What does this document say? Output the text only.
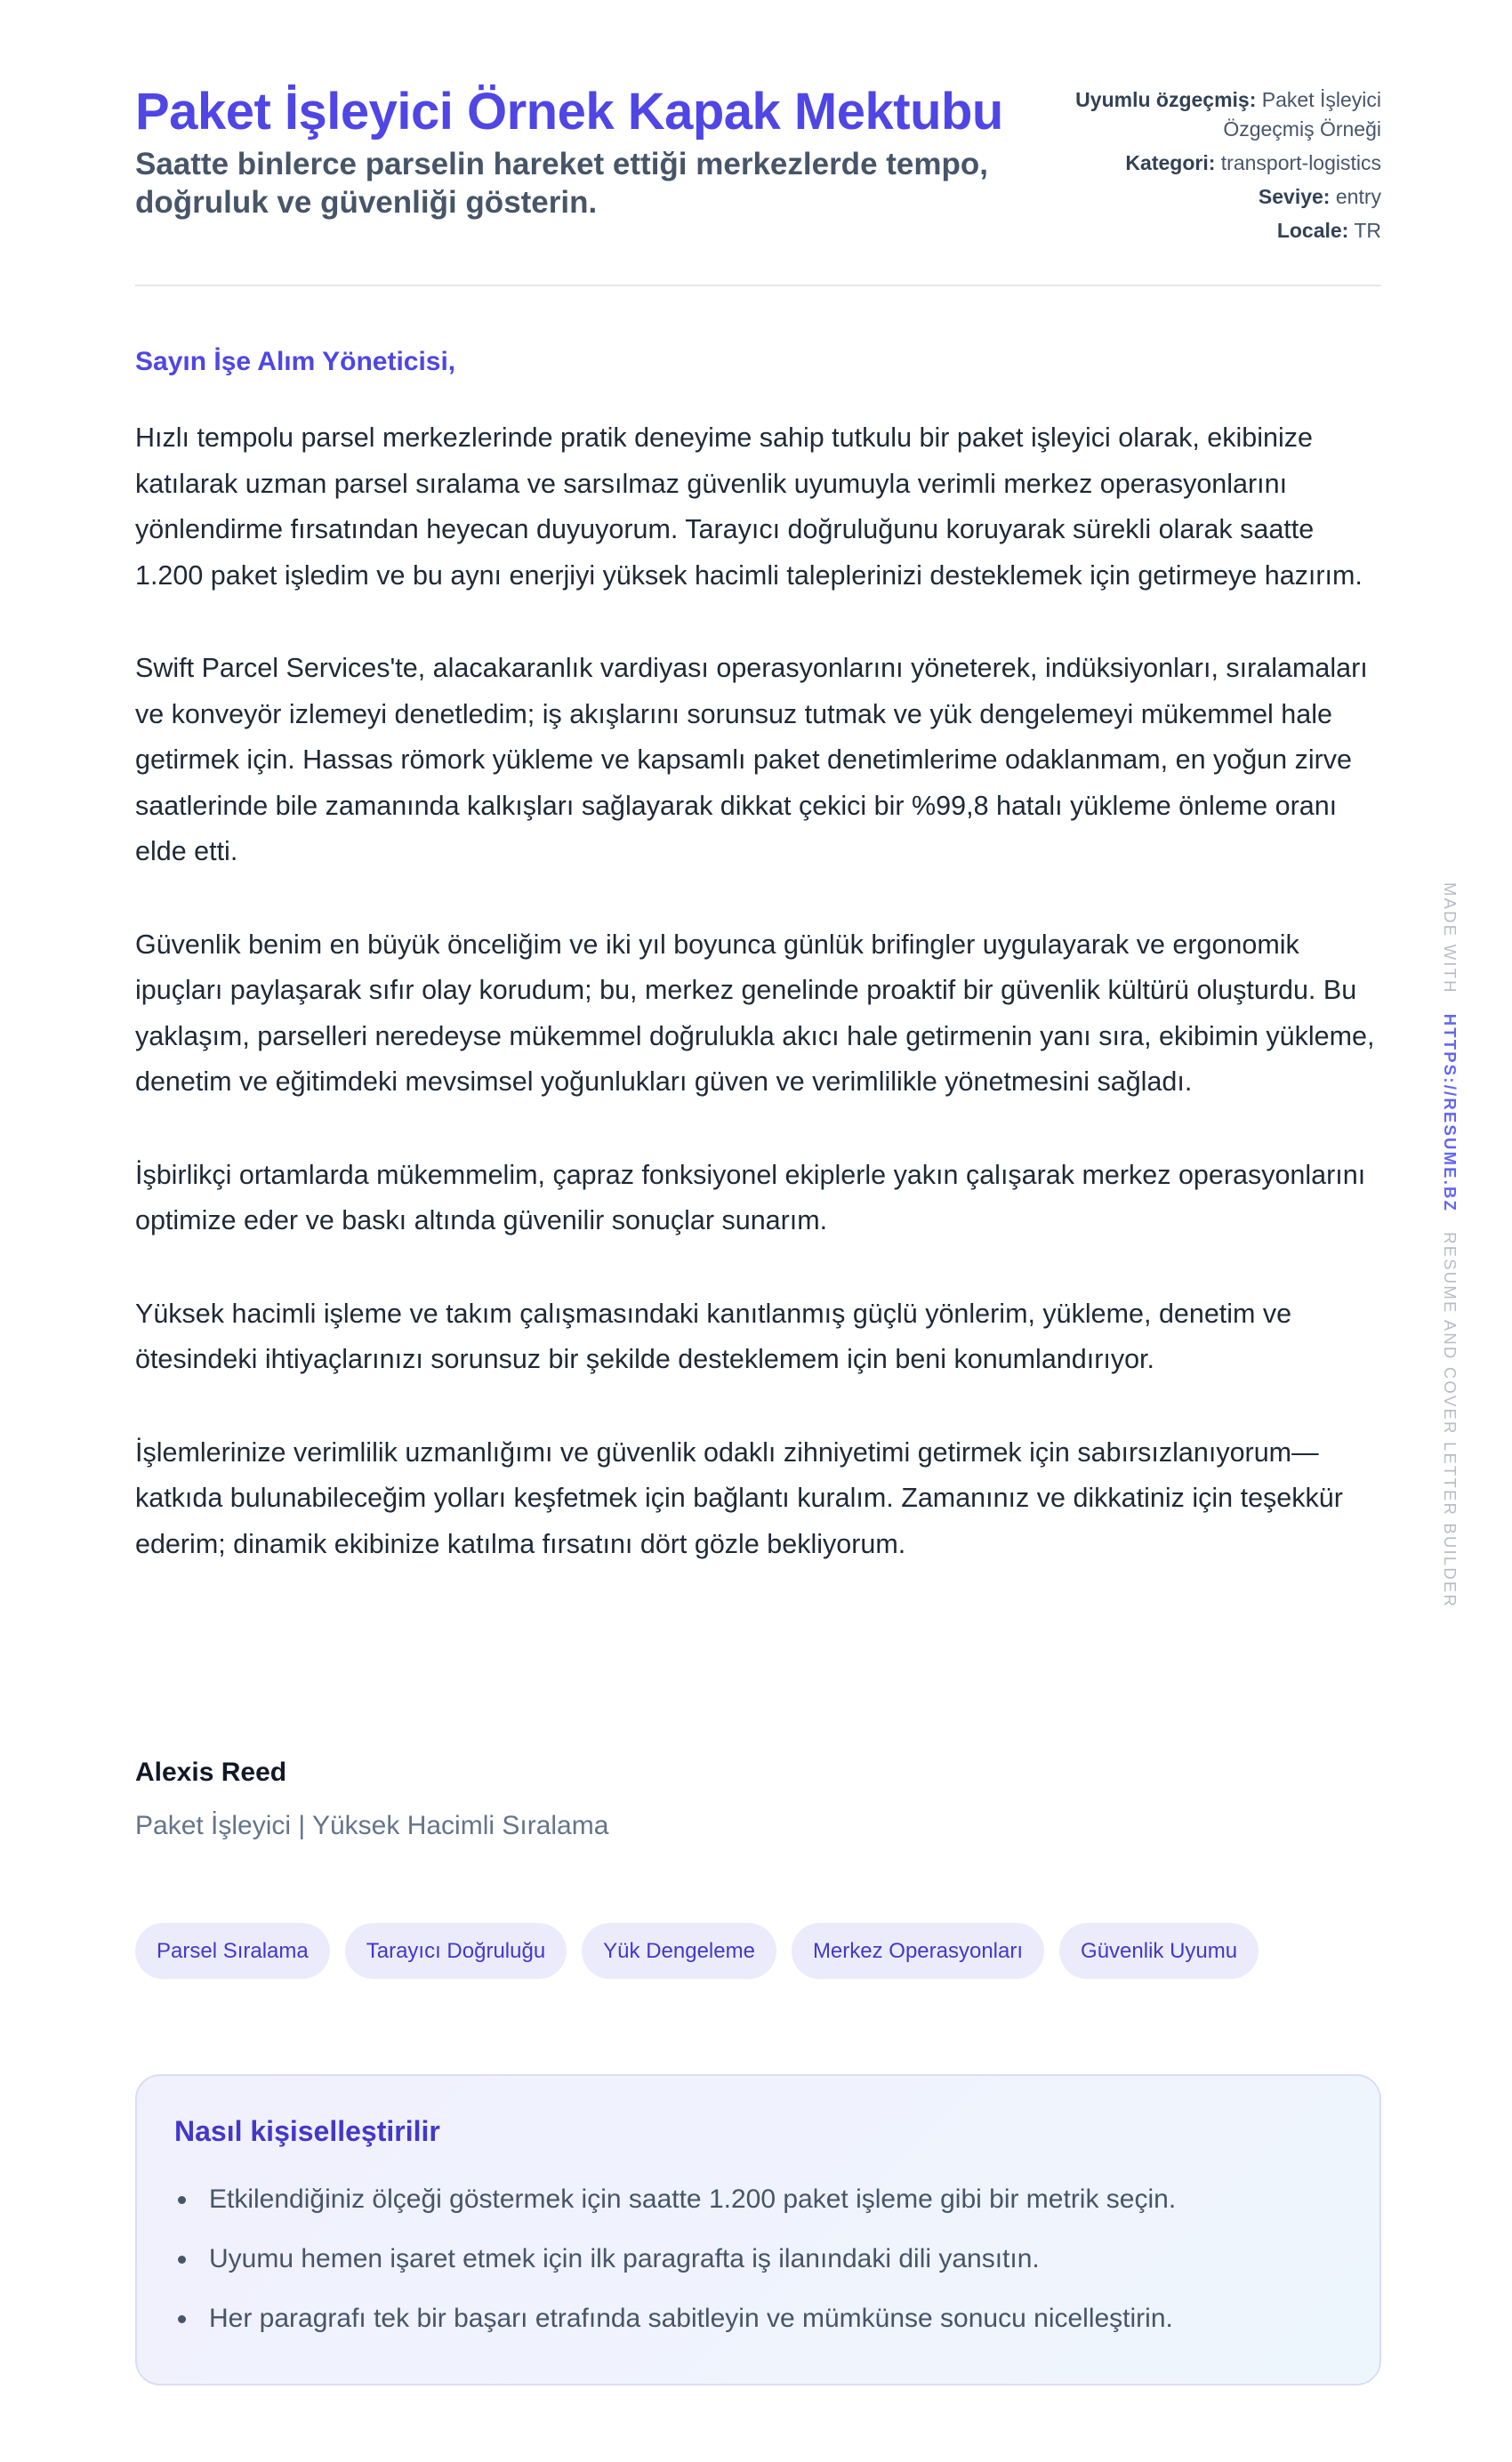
Paket İşleyici Örnek Kapak Mektubu
Saatte binlerce parselin hareket ettiği merkezlerde tempo, doğruluk ve güvenliği gösterin.
Uyumlu özgeçmiş: Paket İşleyici Özgeçmiş Örneği
Kategori: transport-logistics
Seviye: entry
Locale: TR
Sayın İşe Alım Yöneticisi,

Hızlı tempolu parsel merkezlerinde pratik deneyime sahip tutkulu bir paket işleyici olarak, ekibinize katılarak uzman parsel sıralama ve sarsılmaz güvenlik uyumuyla verimli merkez operasyonlarını yönlendirme fırsatından heyecan duyuyorum. Tarayıcı doğruluğunu koruyarak sürekli olarak saatte 1.200 paket işledim ve bu aynı enerjiyi yüksek hacimli taleplerinizi desteklemek için getirmeye hazırım.

Swift Parcel Services'te, alacakaranlık vardiyası operasyonlarını yöneterek, indüksiyonları, sıralamaları ve konveyör izlemeyi denetledim; iş akışlarını sorunsuz tutmak ve yük dengelemeyi mükemmel hale getirmek için. Hassas römork yükleme ve kapsamlı paket denetimlerime odaklanmam, en yoğun zirve saatlerinde bile zamanında kalkışları sağlayarak dikkat çekici bir %99,8 hatalı yükleme önleme oranı elde etti.

Güvenlik benim en büyük önceliğim ve iki yıl boyunca günlük brifingler uygulayarak ve ergonomik ipuçları paylaşarak sıfır olay korudum; bu, merkez genelinde proaktif bir güvenlik kültürü oluşturdu. Bu yaklaşım, parselleri neredeyse mükemmel doğrulukla akıcı hale getirmenin yanı sıra, ekibimin yükleme, denetim ve eğitimdeki mevsimsel yoğunlukları güven ve verimlilikle yönetmesini sağladı.

İşbirlikçi ortamlarda mükemmelim, çapraz fonksiyonel ekiplerle yakın çalışarak merkez operasyonlarını optimize eder ve baskı altında güvenilir sonuçlar sunarım.

Yüksek hacimli işleme ve takım çalışmasındaki kanıtlanmış güçlü yönlerim, yükleme, denetim ve ötesindeki ihtiyaçlarınızı sorunsuz bir şekilde desteklemem için beni konumlandırıyor.

İşlemlerinize verimlilik uzmanlığımı ve güvenlik odaklı zihniyetimi getirmek için sabırsızlanıyorum—katkıda bulunabileceğim yolları keşfetmek için bağlantı kuralım. Zamanınız ve dikkatiniz için teşekkür ederim; dinamik ekibinize katılma fırsatını dört gözle bekliyorum.

Alexis Reed
Paket İşleyici | Yüksek Hacimli Sıralama
Parsel Sıralama	Tarayıcı Doğruluğu	Yük Dengeleme	Merkez Operasyonları	Güvenlik Uyumu
Nasıl kişiselleştirilir
Etkilendiğiniz ölçeği göstermek için saatte 1.200 paket işleme gibi bir metrik seçin.
Uyumu hemen işaret etmek için ilk paragrafta iş ilanındaki dili yansıtın.
Her paragrafı tek bir başarı etrafında sabitleyin ve mümkünse sonucu nicelleştirin.
MADE WITH   HTTPS://RESUME.BZ   RESUME AND COVER LETTER BUILDER
